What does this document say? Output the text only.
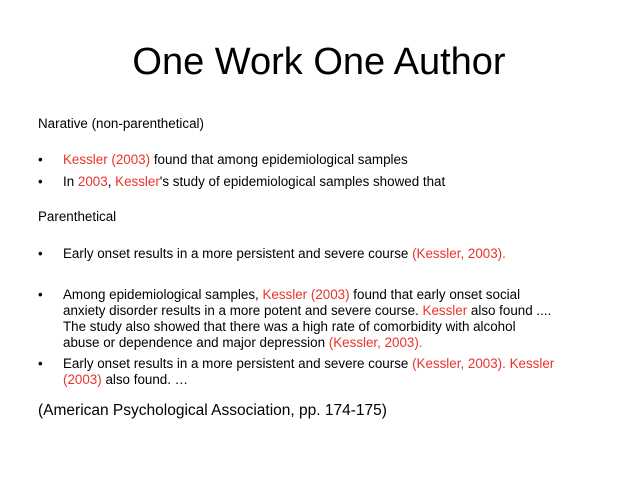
One Work One Author
Narative (non-parenthetical)
•	Kessler (2003) found that among epidemiological samples
•	In 2003, Kessler's study of epidemiological samples showed that
Parenthetical
•	Early onset results in a more persistent and severe course (Kessler, 2003).
•	Among epidemiological samples, Kessler (2003) found that early onset social
anxiety disorder results in a more potent and severe course. Kessler also found ....
The study also showed that there was a high rate of comorbidity with alcohol
abuse or dependence and major depression (Kessler, 2003).
•	Early onset results in a more persistent and severe course (Kessler, 2003). Kessler
(2003) also found. …
(American Psychological Association, pp. 174-175)
